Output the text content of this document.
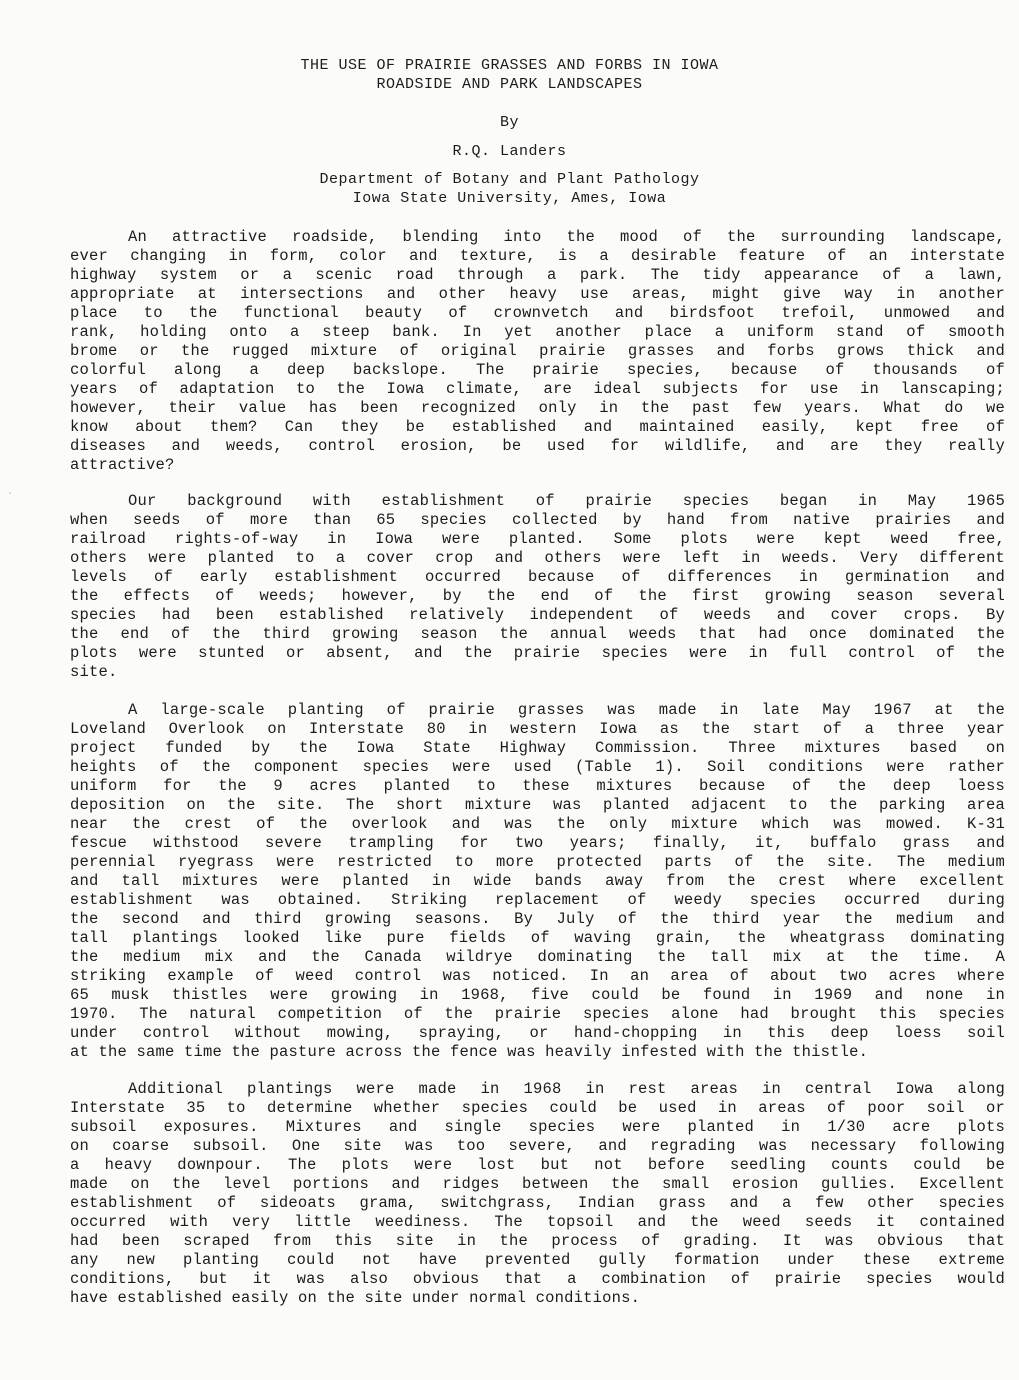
THE USE OF PRAIRIE GRASSES AND FORBS IN IOWA
ROADSIDE AND PARK LANDSCAPES
By
R.Q. Landers
Department of Botany and Plant Pathology
Iowa State University, Ames, Iowa
An attractive roadside, blending into the mood of the surrounding landscape,
ever changing in form, color and texture, is a desirable feature of an interstate
highway system or a scenic road through a park. The tidy appearance of a lawn,
appropriate at intersections and other heavy use areas, might give way in another
place to the functional beauty of crownvetch and birdsfoot trefoil, unmowed and
rank, holding onto a steep bank. In yet another place a uniform stand of smooth
brome or the rugged mixture of original prairie grasses and forbs grows thick and
colorful along a deep backslope. The prairie species, because of thousands of
years of adaptation to the Iowa climate, are ideal subjects for use in lanscaping;
however, their value has been recognized only in the past few years. What do we
know about them? Can they be established and maintained easily, kept free of
diseases and weeds, control erosion, be used for wildlife, and are they really
attractive?
Our background with establishment of prairie species began in May 1965
when seeds of more than 65 species collected by hand from native prairies and
railroad rights-of-way in Iowa were planted. Some plots were kept weed free,
others were planted to a cover crop and others were left in weeds. Very different
levels of early establishment occurred because of differences in germination and
the effects of weeds; however, by the end of the first growing season several
species had been established relatively independent of weeds and cover crops. By
the end of the third growing season the annual weeds that had once dominated the
plots were stunted or absent, and the prairie species were in full control of the
site.
A large-scale planting of prairie grasses was made in late May 1967 at the
Loveland Overlook on Interstate 80 in western Iowa as the start of a three year
project funded by the Iowa State Highway Commission. Three mixtures based on
heights of the component species were used (Table 1). Soil conditions were rather
uniform for the 9 acres planted to these mixtures because of the deep loess
deposition on the site. The short mixture was planted adjacent to the parking area
near the crest of the overlook and was the only mixture which was mowed. K-31
fescue withstood severe trampling for two years; finally, it, buffalo grass and
perennial ryegrass were restricted to more protected parts of the site. The medium
and tall mixtures were planted in wide bands away from the crest where excellent
establishment was obtained. Striking replacement of weedy species occurred during
the second and third growing seasons. By July of the third year the medium and
tall plantings looked like pure fields of waving grain, the wheatgrass dominating
the medium mix and the Canada wildrye dominating the tall mix at the time. A
striking example of weed control was noticed. In an area of about two acres where
65 musk thistles were growing in 1968, five could be found in 1969 and none in
1970. The natural competition of the prairie species alone had brought this species
under control without mowing, spraying, or hand-chopping in this deep loess soil
at the same time the pasture across the fence was heavily infested with the thistle.
Additional plantings were made in 1968 in rest areas in central Iowa along
Interstate 35 to determine whether species could be used in areas of poor soil or
subsoil exposures. Mixtures and single species were planted in 1/30 acre plots
on coarse subsoil. One site was too severe, and regrading was necessary following
a heavy downpour. The plots were lost but not before seedling counts could be
made on the level portions and ridges between the small erosion gullies. Excellent
establishment of sideoats grama, switchgrass, Indian grass and a few other species
occurred with very little weediness. The topsoil and the weed seeds it contained
had been scraped from this site in the process of grading. It was obvious that
any new planting could not have prevented gully formation under these extreme
conditions, but it was also obvious that a combination of prairie species would
have established easily on the site under normal conditions.
·
